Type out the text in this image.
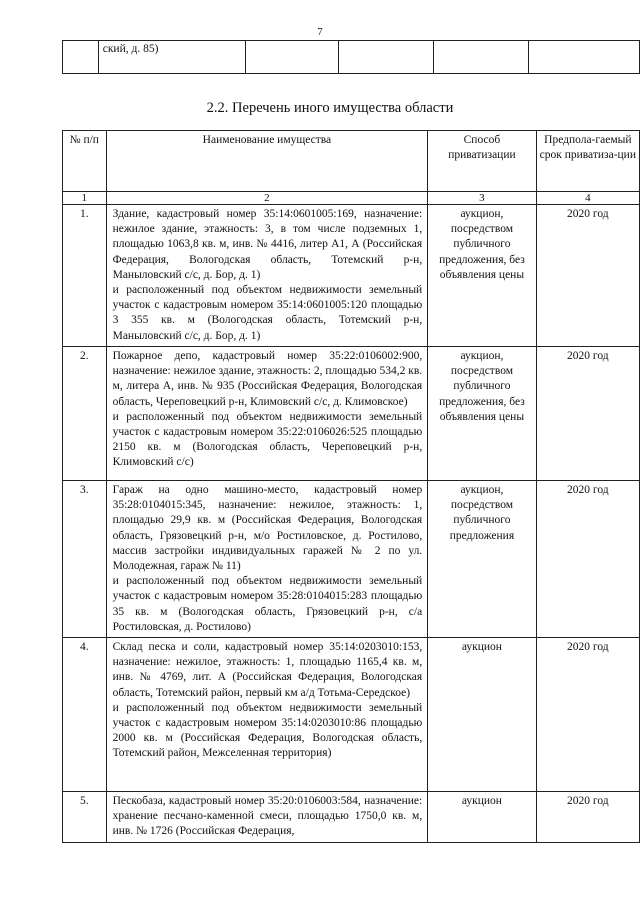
7
	ский, д. 85)				
2.2. Перечень иного имущества области
№ п/п	Наименование имущества	Способ приватизации	Предпола-гаемый срок приватиза-ции
1	2	3	4
1.	Здание, кадастровый номер 35:14:0601005:169, назначение: нежилое здание, этажность: 3, в том числе подземных 1, площадью 1063,8 кв. м, инв. № 4416, литер А1, А (Российская Федерация, Вологодская область, Тотемский р-н, Маныловский с/с, д. Бор, д. 1)

и расположенный под объектом недвижимости земельный участок с кадастровым номером 35:14:0601005:120 площадью 3 355 кв. м (Вологодская область, Тотемский р-н, Маныловский с/с, д. Бор, д. 1)	аукцион, посредством публичного предложения, без объявления цены	2020 год
2.	Пожарное депо, кадастровый номер 35:22:0106002:900, назначение: нежилое здание, этажность: 2, площадью 534,2 кв. м, литера А, инв. № 935 (Российская Федерация, Вологодская область, Череповецкий р-н, Климовский с/с, д. Климовское)

и расположенный под объектом недвижимости земельный участок с кадастровым номером 35:22:0106026:525 площадью 2150 кв. м (Вологодская область, Череповецкий р-н, Климовский с/с)	аукцион, посредством публичного предложения, без объявления цены	2020 год
3.	Гараж на одно машино-место, кадастровый номер 35:28:0104015:345, назначение: нежилое, этажность: 1, площадью 29,9 кв. м (Российская Федерация, Вологодская область, Грязовецкий р-н, м/о Ростиловское, д. Ростилово, массив застройки индивидуальных гаражей № 2 по ул. Молодежная, гараж № 11)

и расположенный под объектом недвижимости земельный участок с кадастровым номером 35:28:0104015:283 площадью 35 кв. м (Вологодская область, Грязовецкий р-н, с/а Ростиловская, д. Ростилово)	аукцион, посредством публичного предложения	2020 год
4.	Склад песка и соли, кадастровый номер 35:14:0203010:153, назначение: нежилое, этажность: 1, площадью 1165,4 кв. м, инв. № 4769, лит. А (Российская Федерация, Вологодская область, Тотемский район, первый км а/д Тотьма-Середское)

и расположенный под объектом недвижимости земельный участок с кадастровым номером 35:14:0203010:86 площадью 2000 кв. м (Российская Федерация, Вологодская область, Тотемский район, Межселенная территория)	аукцион	2020 год
5.	Пескобаза, кадастровый номер 35:20:0106003:584, назначение: хранение песчано-каменной смеси, площадью 1750,0 кв. м, инв. № 1726 (Российская Федерация,	аукцион	2020 год
